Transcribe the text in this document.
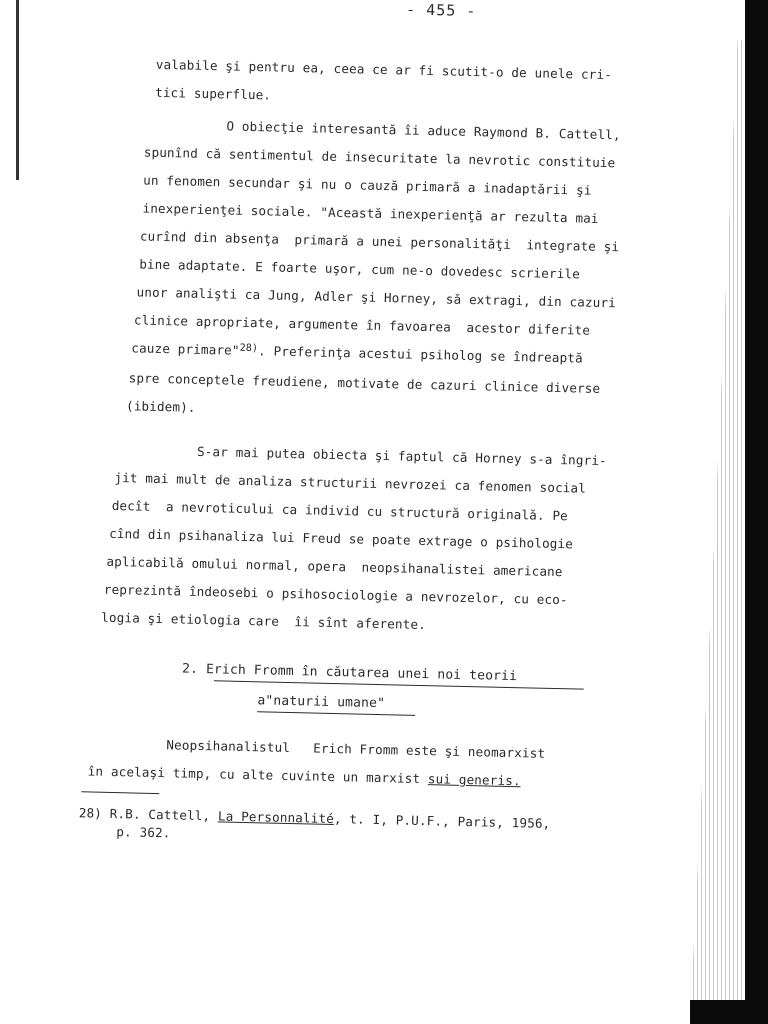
- 455 -
valabile şi pentru ea, ceea ce ar fi scutit-o de unele cri-
tici superflue.
O obiecţie interesantă îi aduce Raymond B. Cattell,
spunînd că sentimentul de insecuritate la nevrotic constituie
un fenomen secundar şi nu o cauză primară a inadaptării şi
inexperienţei sociale. "Această inexperienţă ar rezulta mai
curînd din absenţa  primară a unei personalităţi  integrate şi
bine adaptate. E foarte uşor, cum ne-o dovedesc scrierile
unor analişti ca Jung, Adler şi Horney, să extragi, din cazuri
clinice apropriate, argumente în favoarea  acestor diferite
cauze primare"$^{28)}$. Preferinţa acestui psiholog se îndreaptă
spre conceptele freudiene, motivate de cazuri clinice diverse
(ibidem).
S-ar mai putea obiecta şi faptul că Horney s-a îngri-
jit mai mult de analiza structurii nevrozei ca fenomen social
decît  a nevroticului ca individ cu structură originală. Pe
cînd din psihanaliza lui Freud se poate extrage o psihologie
aplicabilă omului normal, opera  neopsihanalistei americane
reprezintă îndeosebi o psihosociologie a nevrozelor, cu eco-
logia şi etiologia care  îi sînt aferente.
2. Erich Fromm în căutarea unei noi teorii
a"naturii umane"
Neopsihanalistul   Erich Fromm este şi neomarxist
în acelaşi timp, cu alte cuvinte un marxist sui generis.
28) R.B. Cattell, La Personnalité, t. I, P.U.F., Paris, 1956,
p. 362.
